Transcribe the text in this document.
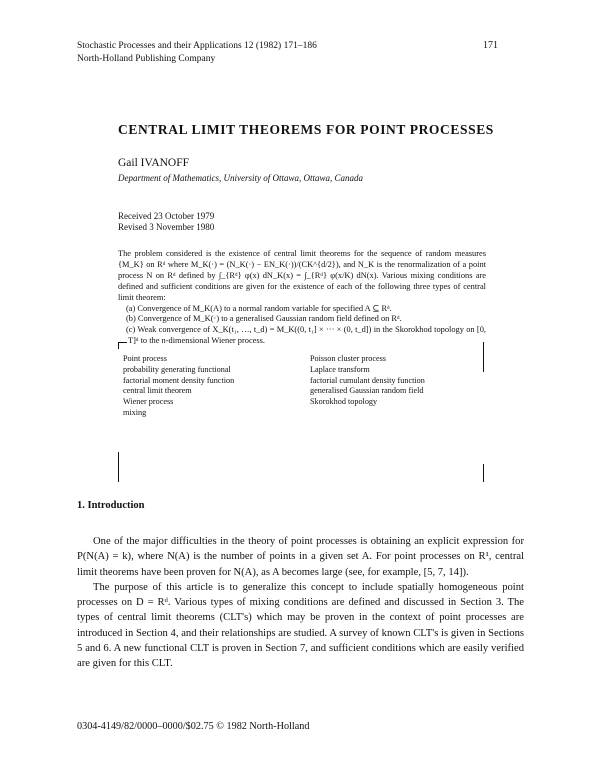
Stochastic Processes and their Applications 12 (1982) 171–186
North-Holland Publishing Company
171
CENTRAL LIMIT THEOREMS FOR POINT PROCESSES
Gail IVANOFF
Department of Mathematics, University of Ottawa, Ottawa, Canada
Received 23 October 1979
Revised 3 November 1980

The problem considered is the existence of central limit theorems for the sequence of random measures {M_K} on Rᵈ where M_K(·) = (N_K(·) − EN_K(·))/(CK^{d/2}), and N_K is the renormalization of a point process N on Rᵈ defined by ∫_{Rᵈ} φ(x) dN_K(x) = ∫_{Rᵈ} φ(x/K) dN(x). Various mixing conditions are defined and sufficient conditions are given for the existence of each of the following three types of central limit theorem:

(a) Convergence of M_K(A) to a normal random variable for specified A ⊆ Rᵈ.

(b) Convergence of M_K(·) to a generalised Gaussian random field defined on Rᵈ.

(c) Weak convergence of X_K(t₁, …, t_d) = M_K((0, t₁] × ··· × (0, t_d]) in the Skorokhod topology on [0, T]ᵈ to the n-dimensional Wiener process.

Point process
probability generating functional
factorial moment density function
central limit theorem
Wiener process
mixing
Poisson cluster process
Laplace transform
factorial cumulant density function
generalised Gaussian random field
Skorokhod topology
1. Introduction

One of the major difficulties in the theory of point processes is obtaining an explicit expression for P(N(A) = k), where N(A) is the number of points in a given set A. For point processes on R¹, central limit theorems have been proven for N(A), as A becomes large (see, for example, [5, 7, 14]).

The purpose of this article is to generalize this concept to include spatially homogeneous point processes on D = Rᵈ. Various types of mixing conditions are defined and discussed in Section 3. The types of central limit theorems (CLT's) which may be proven in the context of point processes are introduced in Section 4, and their relationships are studied. A survey of known CLT's is given in Sections 5 and 6. A new functional CLT is proven in Section 7, and sufficient conditions which are easily verified are given for this CLT.

0304-4149/82/0000–0000/$02.75 © 1982 North-Holland
